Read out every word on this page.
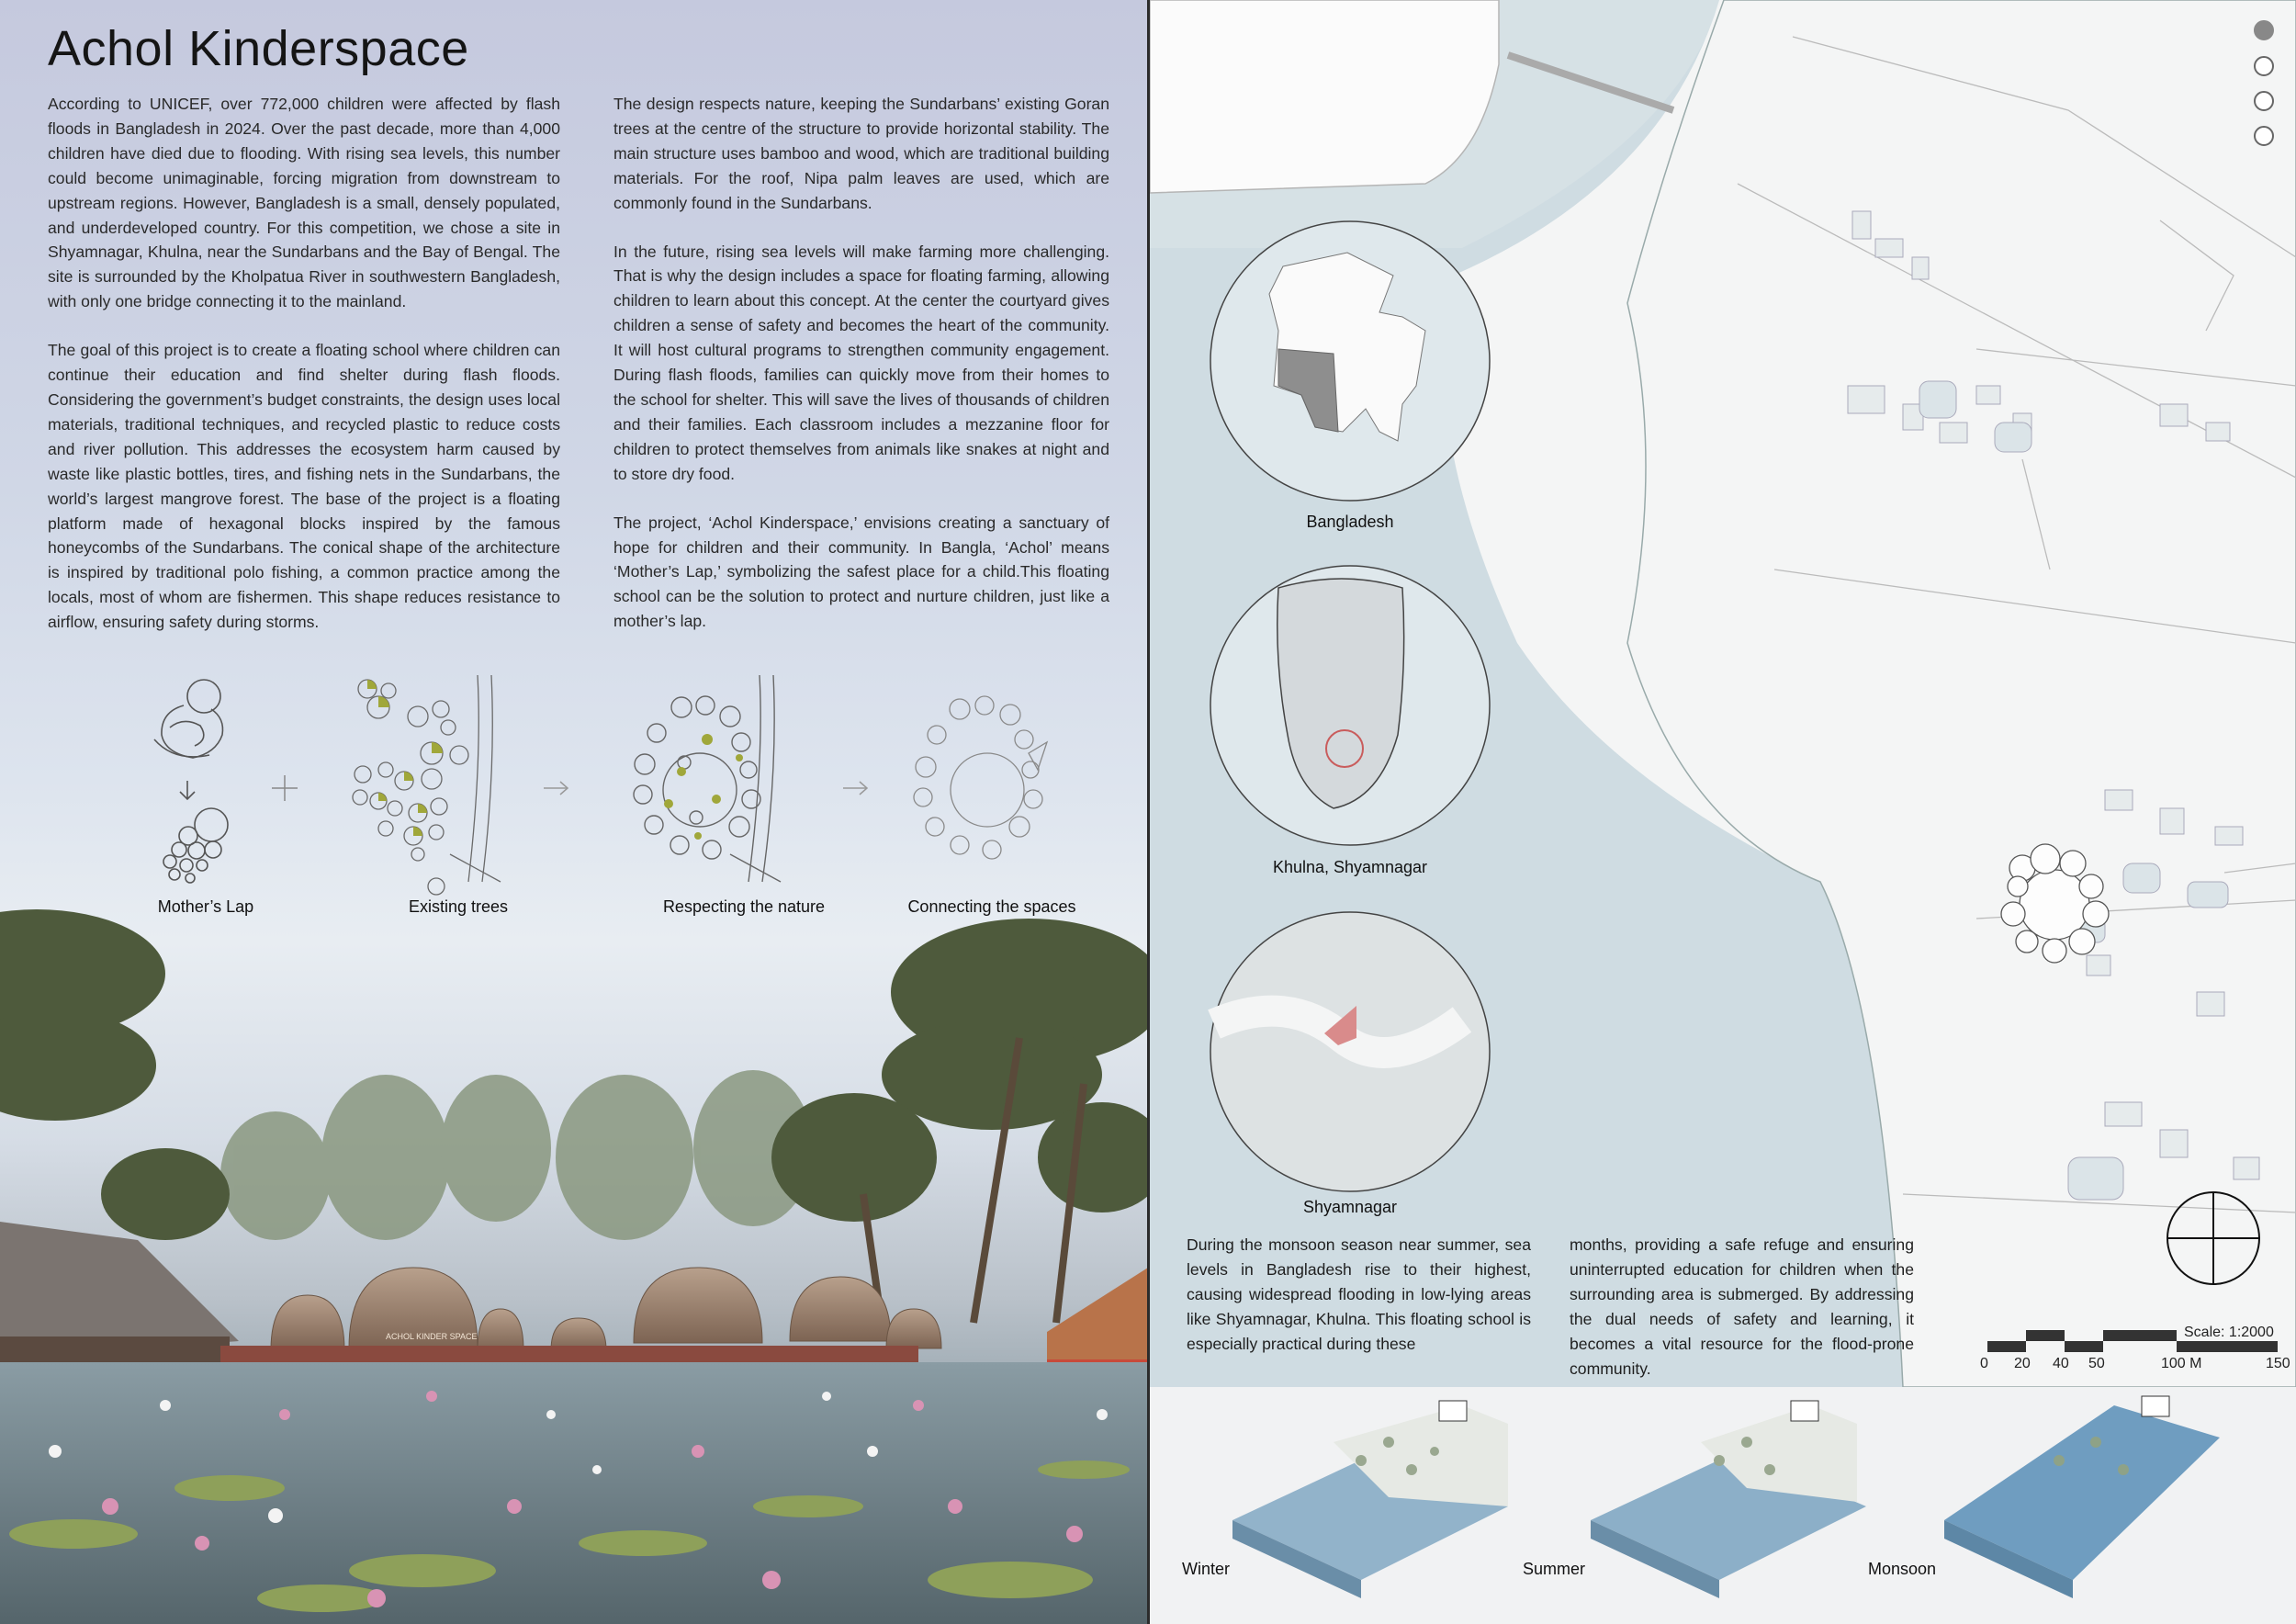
Achol Kinderspace

According to UNICEF, over 772,000 children were affected by flash floods in Bangladesh in 2024. Over the past decade, more than 4,000 children have died due to flooding. With rising sea levels, this number could become unimaginable, forcing migration from downstream to upstream regions. However, Bangladesh is a small, densely populated, and underdeveloped country. For this competition, we chose a site in Shyamnagar, Khulna, near the Sundarbans and the Bay of Bengal. The site is surrounded by the Kholpatua River in southwestern Bangladesh, with only one bridge connecting it to the mainland.

The goal of this project is to create a floating school where children can continue their education and find shelter during flash floods. Considering the government’s budget constraints, the design uses local materials, traditional techniques, and recycled plastic to reduce costs and river pollution. This addresses the ecosystem harm caused by waste like plastic bottles, tires, and fishing nets in the Sundarbans, the world’s largest mangrove forest. The base of the project is a floating platform made of hexagonal blocks inspired by the famous honeycombs of the Sundarbans. The conical shape of the architecture is inspired by traditional polo fishing, a common practice among the locals, most of whom are fishermen. This shape reduces resistance to airflow, ensuring safety during storms.

The design respects nature, keeping the Sundarbans’ existing Goran trees at the centre of the structure to provide horizontal stability. The main structure uses bamboo and wood, which are traditional building materials. For the roof, Nipa palm leaves are used, which are commonly found in the Sundarbans.

In the future, rising sea levels will make farming more challenging. That is why the design includes a space for floating farming, allowing children to learn about this concept. At the center the courtyard gives children a sense of safety and becomes the heart of the community. It will host cultural programs to strengthen community engagement. During flash floods, families can quickly move from their homes to the school for shelter. This will save the lives of thousands of children and their families. Each classroom includes a mezzanine floor for children to protect themselves from animals like snakes at night and to store dry food.

The project, ‘Achol Kinderspace,’ envisions creating a sanctuary of hope for children and their community. In Bangla, ‘Achol’ means ‘Mother’s Lap,’ symbolizing the safest place for a child.This floating school can be the solution to protect and nurture children, just like a mother’s lap.

Mother’s Lap	Existing trees	Respecting the nature	Connecting the spaces
ACHOL KINDER SPACE
Bangladesh
Khulna, Shyamnagar
Shyamnagar
During the monsoon season near summer, sea levels in Bangladesh rise to their highest, causing widespread flooding in low-lying areas like Shyamnagar, Khulna. This floating school is especially practical during these
months, providing a safe refuge and ensuring uninterrupted education for children when the surrounding area is submerged. By addressing the dual needs of safety and learning, it becomes a vital resource for the flood-prone community.
Scale: 1:2000
0 20 40 50	100 M	150
Winter	Summer	Monsoon
